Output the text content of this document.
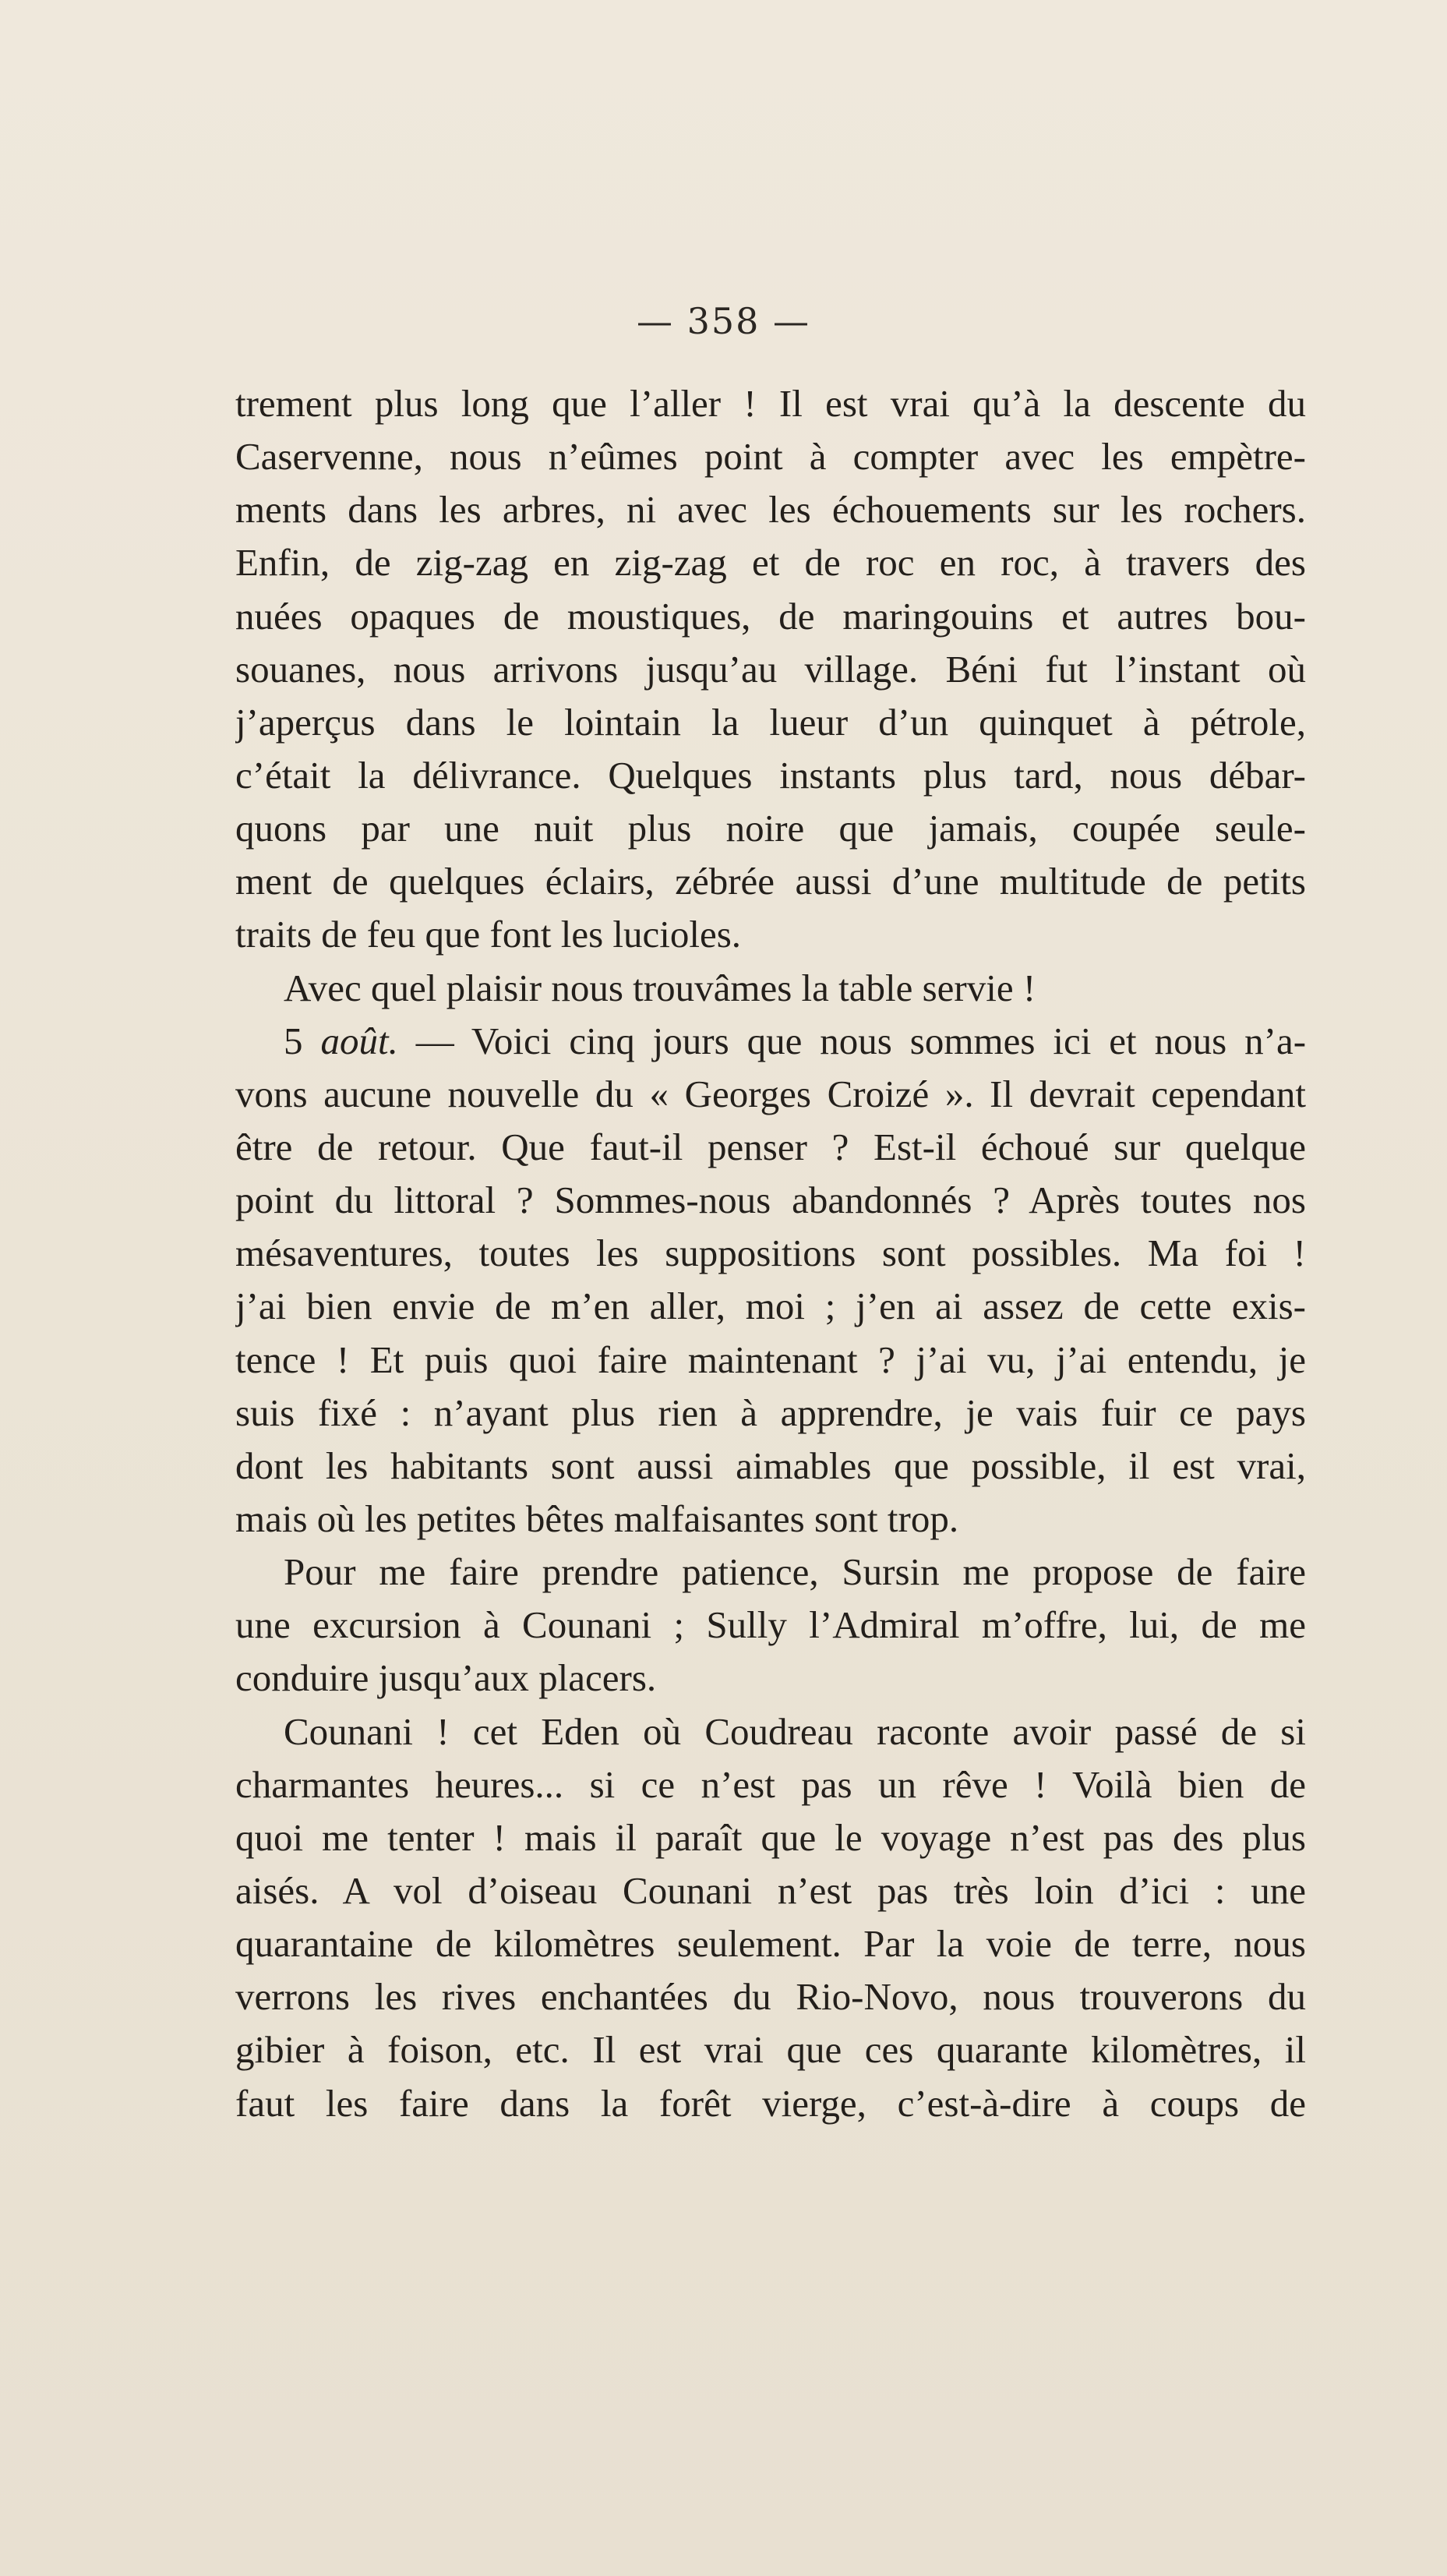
— 358 —
trement plus long que l’aller ! Il est vrai qu’à la descente du
Caservenne, nous n’eûmes point à compter avec les empètre-
ments dans les arbres, ni avec les échouements sur les rochers.
Enfin, de zig-zag en zig-zag et de roc en roc, à travers des
nuées opaques de moustiques, de maringouins et autres bou-
souanes, nous arrivons jusqu’au village. Béni fut l’instant où
j’aperçus dans le lointain la lueur d’un quinquet à pétrole,
c’était la délivrance. Quelques instants plus tard, nous débar-
quons par une nuit plus noire que jamais, coupée seule-
ment de quelques éclairs, zébrée aussi d’une multitude de petits
traits de feu que font les lucioles.
Avec quel plaisir nous trouvâmes la table servie !
5 août. — Voici cinq jours que nous sommes ici et nous n’a-
vons aucune nouvelle du « Georges Croizé ». Il devrait cependant
être de retour. Que faut-il penser ? Est-il échoué sur quelque
point du littoral ? Sommes-nous abandonnés ? Après toutes nos
mésaventures, toutes les suppositions sont possibles. Ma foi !
j’ai bien envie de m’en aller, moi ; j’en ai assez de cette exis-
tence ! Et puis quoi faire maintenant ? j’ai vu, j’ai entendu, je
suis fixé : n’ayant plus rien à apprendre, je vais fuir ce pays
dont les habitants sont aussi aimables que possible, il est vrai,
mais où les petites bêtes malfaisantes sont trop.
Pour me faire prendre patience, Sursin me propose de faire
une excursion à Counani ; Sully l’Admiral m’offre, lui, de me
conduire jusqu’aux placers.
Counani ! cet Eden où Coudreau raconte avoir passé de si
charmantes heures... si ce n’est pas un rêve ! Voilà bien de
quoi me tenter ! mais il paraît que le voyage n’est pas des plus
aisés. A vol d’oiseau Counani n’est pas très loin d’ici : une
quarantaine de kilomètres seulement. Par la voie de terre, nous
verrons les rives enchantées du Rio-Novo, nous trouverons du
gibier à foison, etc. Il est vrai que ces quarante kilomètres, il
faut les faire dans la forêt vierge, c’est-à-dire à coups de
